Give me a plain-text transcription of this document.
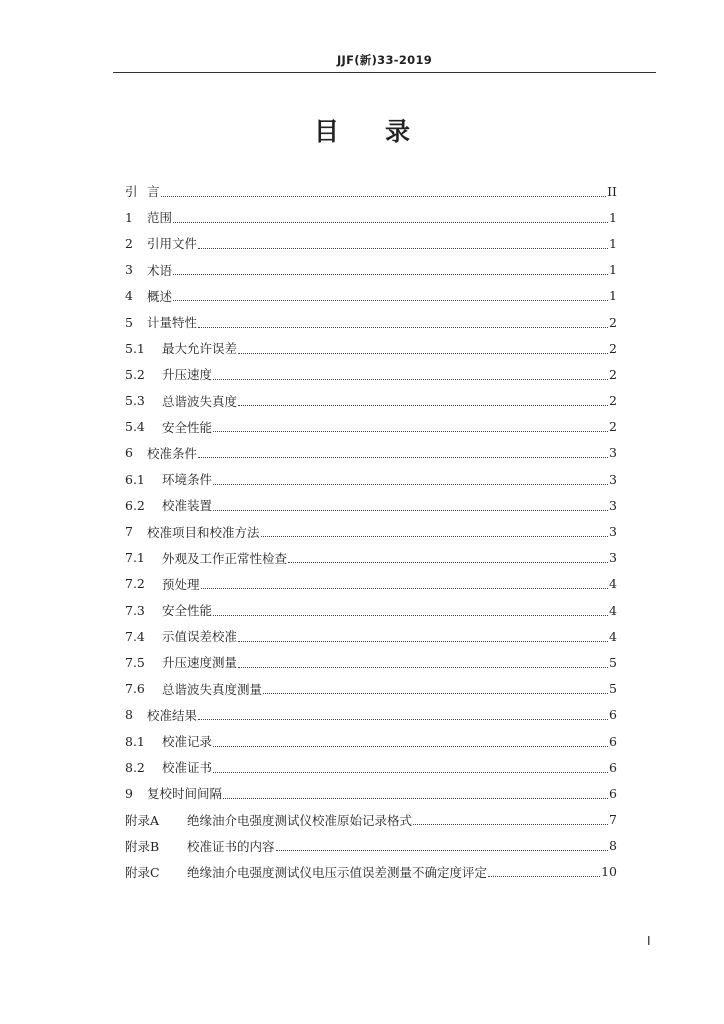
JJF(新)33-2019
目录
引 言	II
1	范围	1
2	引用文件	1
3	术语	1
4	概述	1
5	计量特性	2
5.1	最大允许误差	2
5.2	升压速度	2
5.3	总谐波失真度	2
5.4	安全性能	2
6	校准条件	3
6.1	环境条件	3
6.2	校准装置	3
7	校准项目和校准方法	3
7.1	外观及工作正常性检查	3
7.2	预处理	4
7.3	安全性能	4
7.4	示值误差校准	4
7.5	升压速度测量	5
7.6	总谐波失真度测量	5
8	校准结果	6
8.1	校准记录	6
8.2	校准证书	6
9	复校时间间隔	6
附录A	绝缘油介电强度测试仪校准原始记录格式	7
附录B	校准证书的内容	8
附录C	绝缘油介电强度测试仪电压示值误差测量不确定度评定	10
I
